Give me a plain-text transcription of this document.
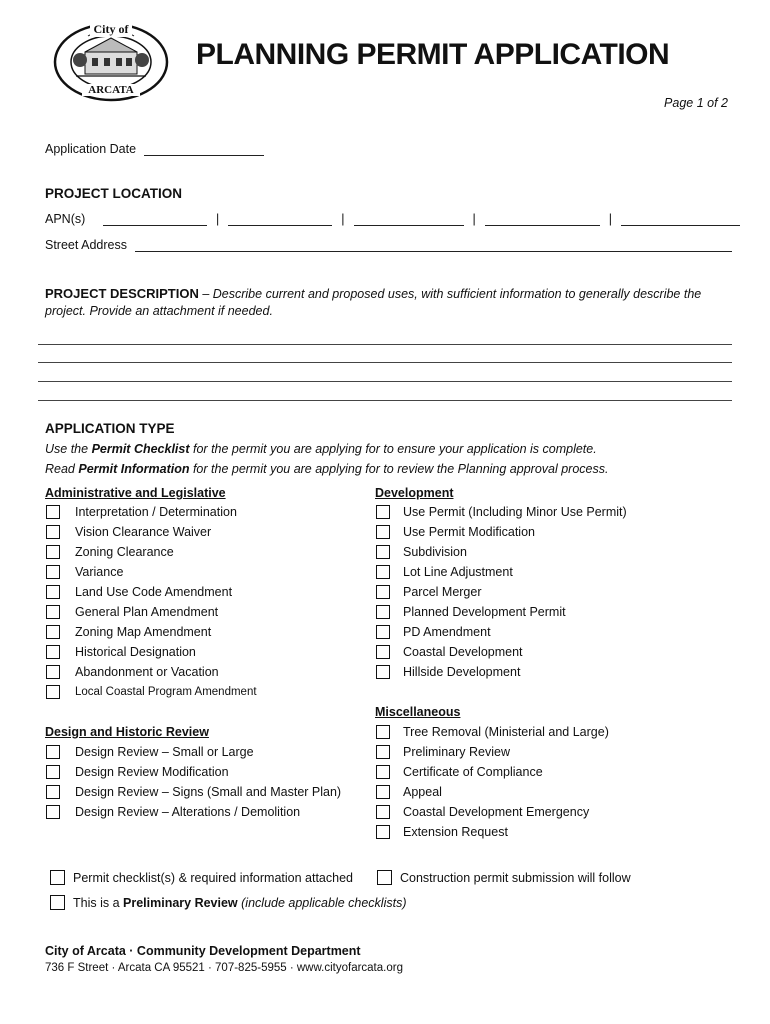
City of
ARCATA
PLANNING PERMIT APPLICATION
Page 1 of 2
Application Date
PROJECT LOCATION
APN(s)	|	|	|	|
Street Address
PROJECT DESCRIPTION – Describe current and proposed uses, with sufficient information to generally describe the project. Provide an attachment if needed.
APPLICATION TYPE
Use the Permit Checklist for the permit you are applying for to ensure your application is complete.
Read Permit Information for the permit you are applying for to review the Planning approval process.
Administrative and Legislative
Interpretation / Determination
Vision Clearance Waiver
Zoning Clearance
Variance
Land Use Code Amendment
General Plan Amendment
Zoning Map Amendment
Historical Designation
Abandonment or Vacation
Local Coastal Program Amendment
Design and Historic Review
Design Review – Small or Large
Design Review Modification
Design Review – Signs (Small and Master Plan)
Design Review – Alterations / Demolition
Development
Use Permit (Including Minor Use Permit)
Use Permit Modification
Subdivision
Lot Line Adjustment
Parcel Merger
Planned Development Permit
PD Amendment
Coastal Development
Hillside Development
Miscellaneous
Tree Removal (Ministerial and Large)
Preliminary Review
Certificate of Compliance
Appeal
Coastal Development Emergency
Extension Request
Permit checklist(s) & required information attached	Construction permit submission will follow
This is a Preliminary Review (include applicable checklists)
City of Arcata · Community Development Department
736 F Street · Arcata CA 95521 · 707-825-5955 · www.cityofarcata.org
